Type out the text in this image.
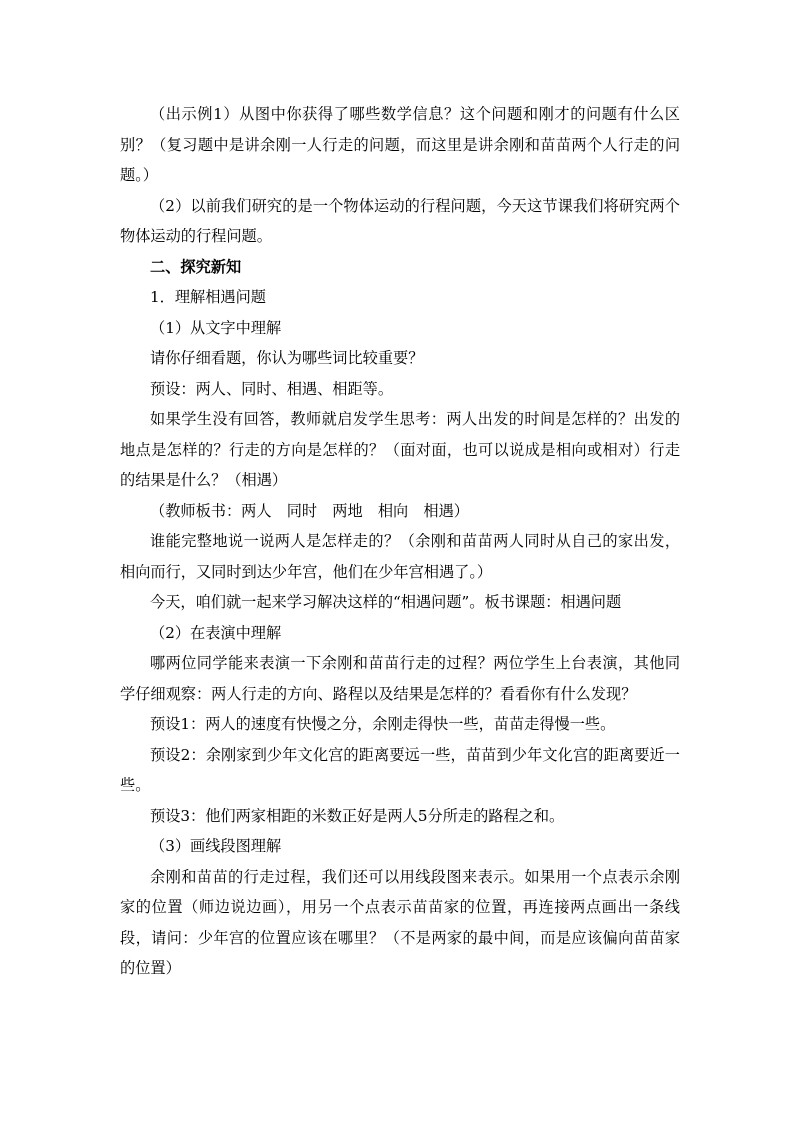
（出示例1）从图中你获得了哪些数学信息？这个问题和刚才的问题有什么区别？（复习题中是讲余刚一人行走的问题，而这里是讲余刚和苗苗两个人行走的问题。）

（2）以前我们研究的是一个物体运动的行程问题，今天这节课我们将研究两个物体运动的行程问题。

二、探究新知

1．理解相遇问题

（1）从文字中理解

请你仔细看题，你认为哪些词比较重要？

预设：两人、同时、相遇、相距等。

如果学生没有回答，教师就启发学生思考：两人出发的时间是怎样的？出发的地点是怎样的？行走的方向是怎样的？（面对面，也可以说成是相向或相对）行走的结果是什么？（相遇）

（教师板书：两人　同时　两地　相向　相遇）

谁能完整地说一说两人是怎样走的？（余刚和苗苗两人同时从自己的家出发，相向而行，又同时到达少年宫，他们在少年宫相遇了。）

今天，咱们就一起来学习解决这样的“相遇问题”。板书课题：相遇问题

（2）在表演中理解

哪两位同学能来表演一下余刚和苗苗行走的过程？两位学生上台表演，其他同学仔细观察：两人行走的方向、路程以及结果是怎样的？看看你有什么发现？

预设1：两人的速度有快慢之分，余刚走得快一些，苗苗走得慢一些。

预设2：余刚家到少年文化宫的距离要远一些，苗苗到少年文化宫的距离要近一些。

预设3：他们两家相距的米数正好是两人5分所走的路程之和。

（3）画线段图理解

余刚和苗苗的行走过程，我们还可以用线段图来表示。如果用一个点表示余刚家的位置（师边说边画），用另一个点表示苗苗家的位置，再连接两点画出一条线段，请问：少年宫的位置应该在哪里？（不是两家的最中间，而是应该偏向苗苗家的位置）
